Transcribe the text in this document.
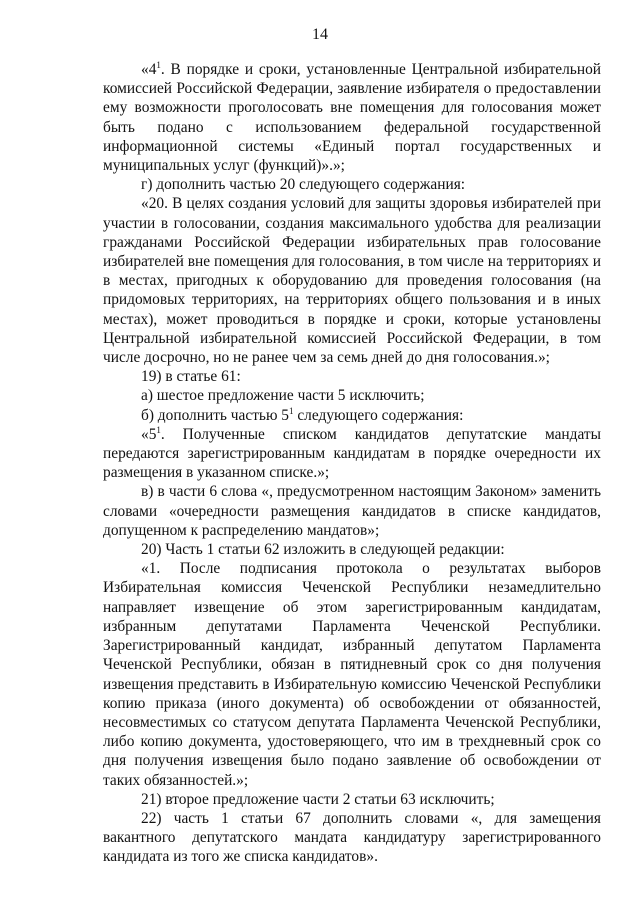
14

«$4^1$. В порядке и сроки, установленные Центральной избирательной комиссией Российской Федерации, заявление избирателя о предоставлении ему возможности проголосовать вне помещения для голосования может быть подано с использованием федеральной государственной информационной системы «Единый портал государственных и муниципальных услуг (функций)».»;

г) дополнить частью 20 следующего содержания:

«20. В целях создания условий для защиты здоровья избирателей при участии в голосовании, создания максимального удобства для реализации гражданами Российской Федерации избирательных прав голосование избирателей вне помещения для голосования, в том числе на территориях и в местах, пригодных к оборудованию для проведения голосования (на придомовых территориях, на территориях общего пользования и в иных местах), может проводиться в порядке и сроки, которые установлены Центральной избирательной комиссией Российской Федерации, в том числе досрочно, но не ранее чем за семь дней до дня голосования.»;

19) в статье 61:

а) шестое предложение части 5 исключить;

б) дополнить частью $5^1$ следующего содержания:

«$5^1$. Полученные списком кандидатов депутатские мандаты передаются зарегистрированным кандидатам в порядке очередности их размещения в указанном списке.»;

в) в части 6 слова «, предусмотренном настоящим Законом» заменить словами «очередности размещения кандидатов в списке кандидатов, допущенном к распределению мандатов»;

20) Часть 1 статьи 62 изложить в следующей редакции:

«1. После подписания протокола о результатах выборов Избирательная комиссия Чеченской Республики незамедлительно направляет извещение об этом зарегистрированным кандидатам, избранным депутатами Парламента Чеченской Республики. Зарегистрированный кандидат, избранный депутатом Парламента Чеченской Республики, обязан в пятидневный срок со дня получения извещения представить в Избирательную комиссию Чеченской Республики копию приказа (иного документа) об освобождении от обязанностей, несовместимых со статусом депутата Парламента Чеченской Республики, либо копию документа, удостоверяющего, что им в трехдневный срок со дня получения извещения было подано заявление об освобождении от таких обязанностей.»;

21) второе предложение части 2 статьи 63 исключить;

22) часть 1 статьи 67 дополнить словами «, для замещения вакантного депутатского мандата кандидатуру зарегистрированного кандидата из того же списка кандидатов».
